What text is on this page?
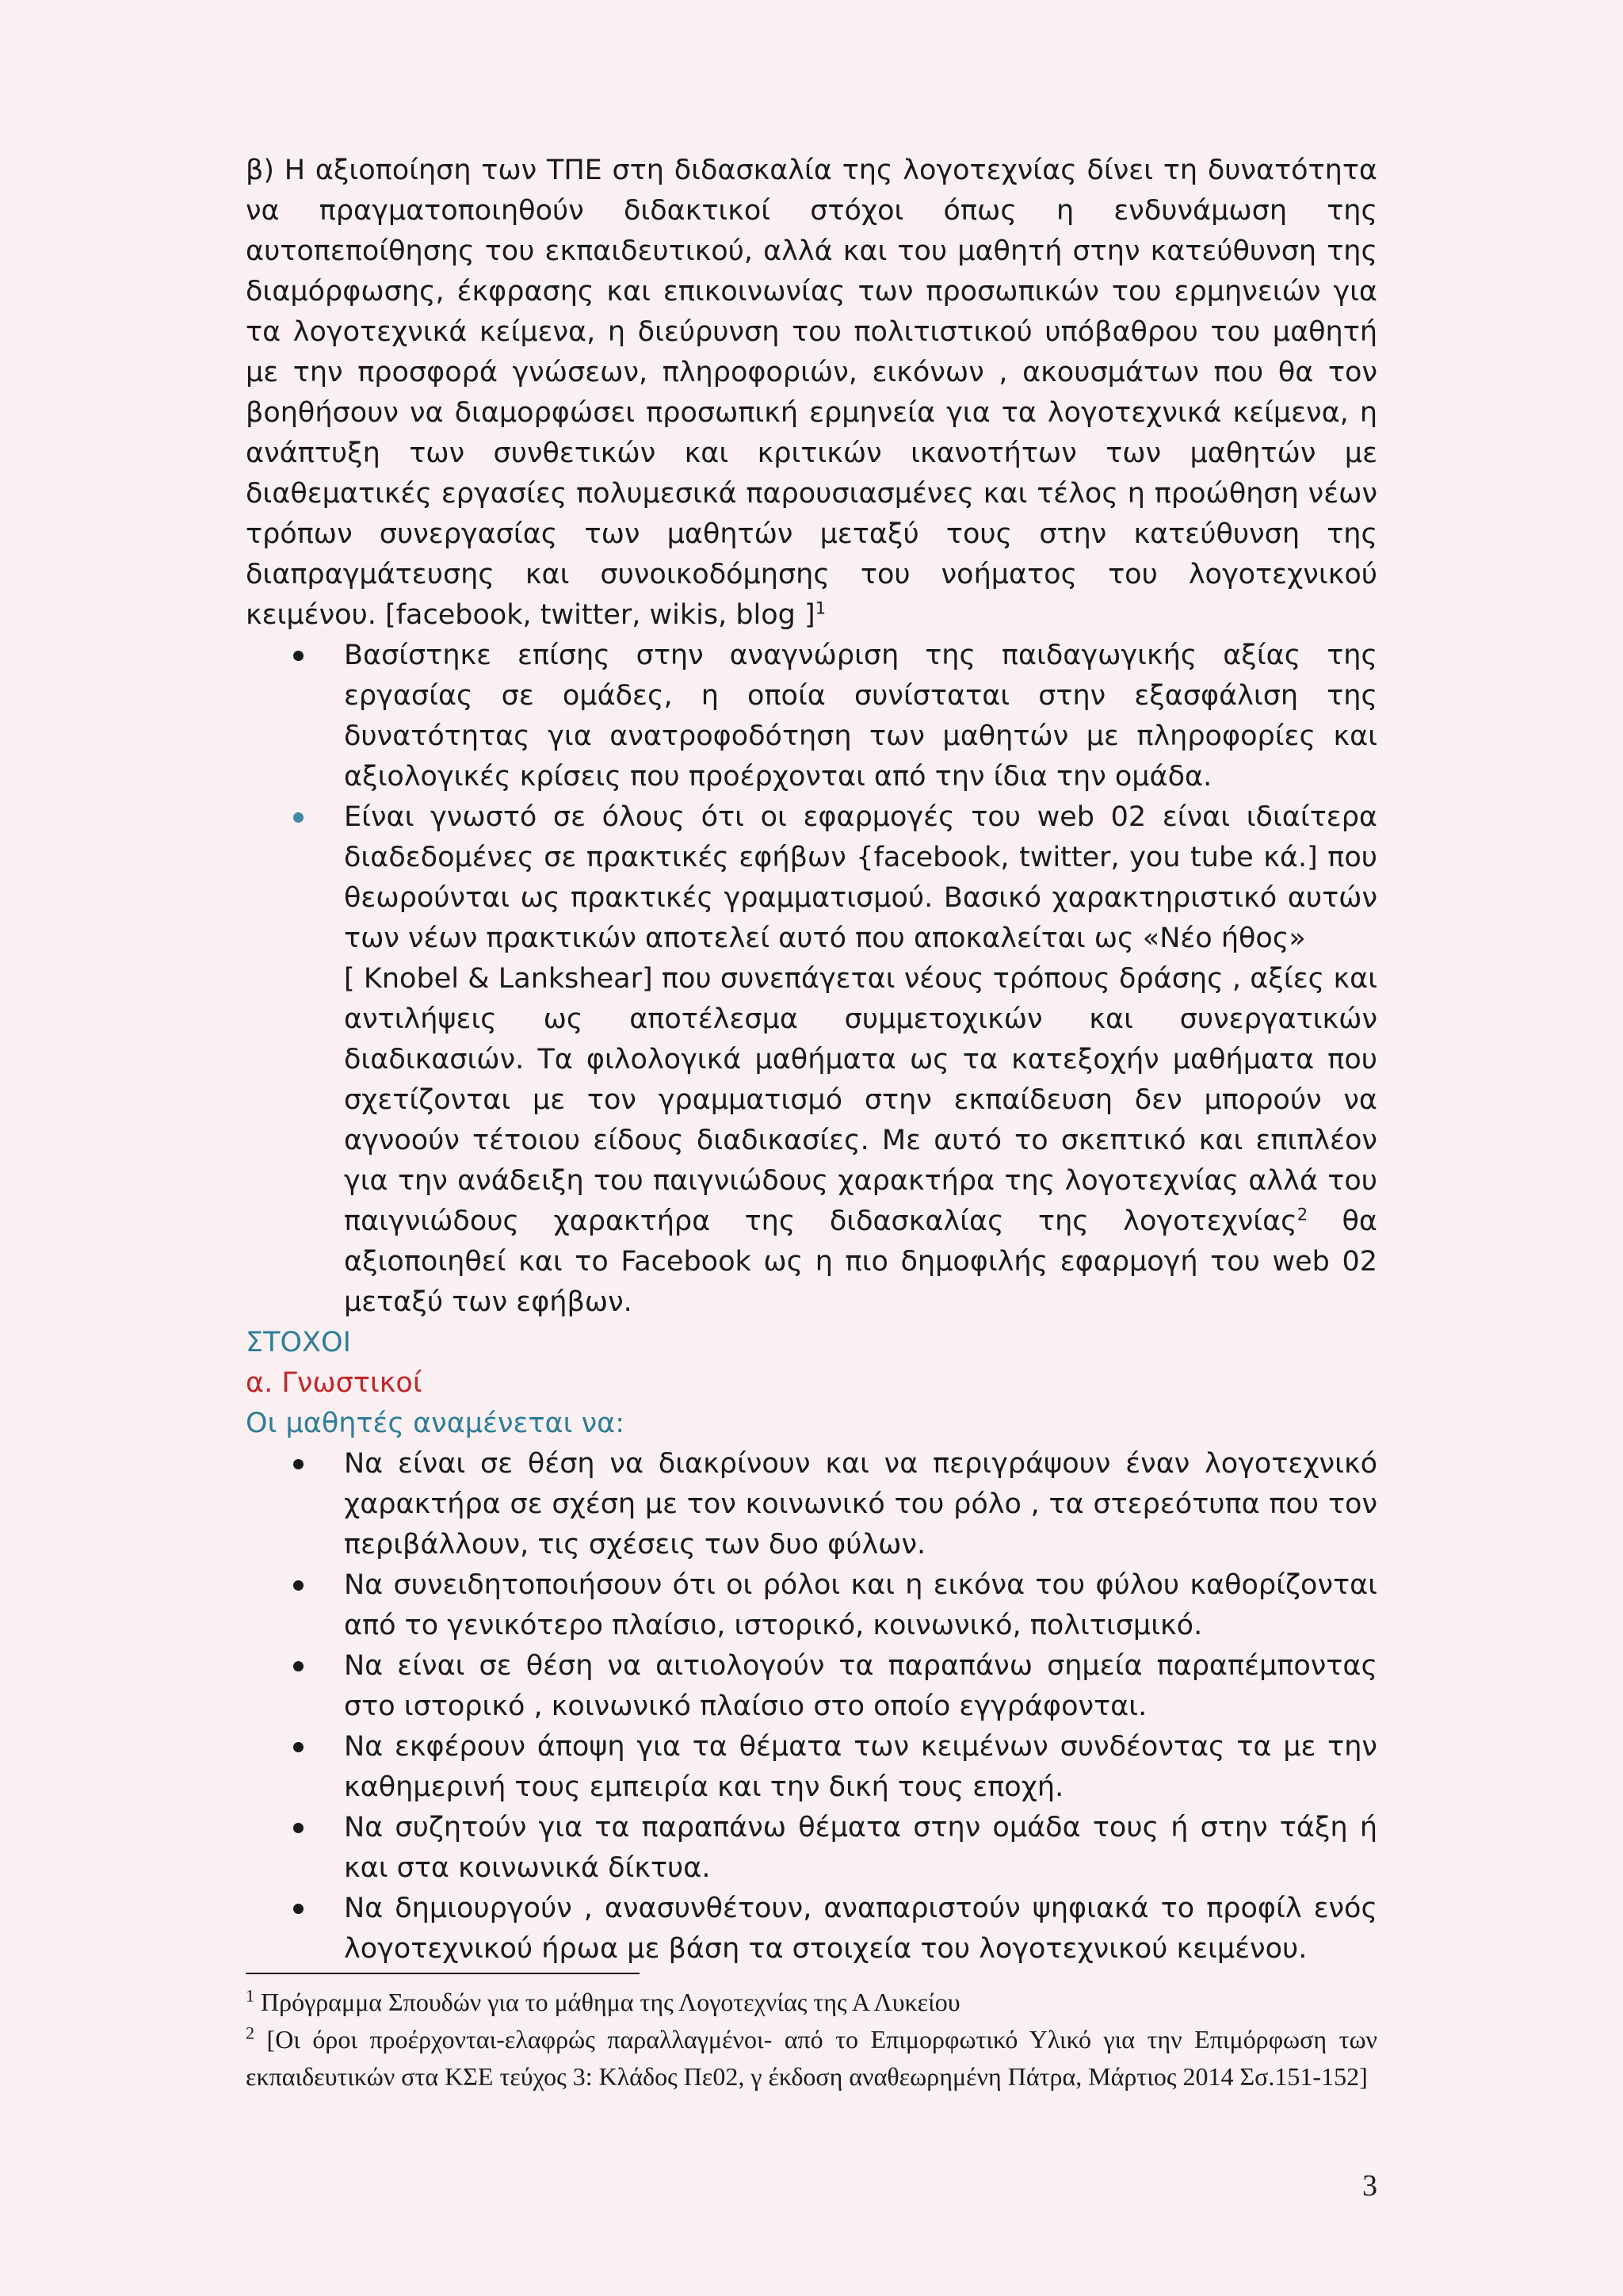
β) Η αξιοποίηση των ΤΠΕ στη διδασκαλία της λογοτεχνίας δίνει τη δυνατότητα να πραγματοποιηθούν διδακτικοί στόχοι όπως η ενδυνάμωση της αυτοπεποίθησης του εκπαιδευτικού, αλλά και του μαθητή στην κατεύθυνση της διαμόρφωσης, έκφρασης και επικοινωνίας των προσωπικών του ερμηνειών για τα λογοτεχνικά κείμενα, η διεύρυνση του πολιτιστικού υπόβαθρου του μαθητή με την προσφορά γνώσεων, πληροφοριών, εικόνων , ακουσμάτων που θα τον βοηθήσουν να διαμορφώσει προσωπική ερμηνεία για τα λογοτεχνικά κείμενα, η ανάπτυξη των συνθετικών και κριτικών ικανοτήτων των μαθητών με διαθεματικές εργασίες πολυμεσικά παρουσιασμένες και τέλος η προώθηση νέων τρόπων συνεργασίας των μαθητών μεταξύ τους στην κατεύθυνση της διαπραγμάτευσης και συνοικοδόμησης του νοήματος του λογοτεχνικού κειμένου. [facebook, twitter, wikis, blog ]$^1$

Βασίστηκε επίσης στην αναγνώριση της παιδαγωγικής αξίας της εργασίας σε ομάδες, η οποία συνίσταται στην εξασφάλιση της δυνατότητας για ανατροφοδότηση των μαθητών με πληροφορίες και αξιολογικές κρίσεις που προέρχονται από την ίδια την ομάδα.
Είναι γνωστό σε όλους ότι οι εφαρμογές του web 02 είναι ιδιαίτερα διαδεδομένες σε πρακτικές εφήβων {facebook, twitter, you tube κά.] που θεωρούνται ως πρακτικές γραμματισμού. Βασικό χαρακτηριστικό αυτών των νέων πρακτικών αποτελεί αυτό που αποκαλείται ως «Νέο ήθος»
[ Knobel & Lankshear] που συνεπάγεται νέους τρόπους δράσης , αξίες και αντιλήψεις ως αποτέλεσμα συμμετοχικών και συνεργατικών διαδικασιών. Τα φιλολογικά μαθήματα ως τα κατεξοχήν μαθήματα που σχετίζονται με τον γραμματισμό στην εκπαίδευση δεν μπορούν να αγνοούν τέτοιου είδους διαδικασίες. Με αυτό το σκεπτικό και επιπλέον για την ανάδειξη του παιγνιώδους χαρακτήρα της λογοτεχνίας αλλά του παιγνιώδους χαρακτήρα της διδασκαλίας της λογοτεχνίας$^2$ θα αξιοποιηθεί και το Facebook ως η πιο δημοφιλής εφαρμογή του web 02 μεταξύ των εφήβων.

ΣΤΟΧΟΙ

α. Γνωστικοί

Οι μαθητές αναμένεται να:

Να είναι σε θέση να διακρίνουν και να περιγράψουν έναν λογοτεχνικό χαρακτήρα σε σχέση με τον κοινωνικό του ρόλο , τα στερεότυπα που τον περιβάλλουν, τις σχέσεις των δυο φύλων.
Να συνειδητοποιήσουν ότι οι ρόλοι και η εικόνα του φύλου καθορίζονται από το γενικότερο πλαίσιο, ιστορικό, κοινωνικό, πολιτισμικό.
Να είναι σε θέση να αιτιολογούν τα παραπάνω σημεία παραπέμποντας στο ιστορικό , κοινωνικό πλαίσιο στο οποίο εγγράφονται.
Να εκφέρουν άποψη για τα θέματα των κειμένων συνδέοντας τα με την καθημερινή τους εμπειρία και την δική τους εποχή.
Να συζητούν για τα παραπάνω θέματα στην ομάδα τους ή στην τάξη ή και στα κοινωνικά δίκτυα.
Να δημιουργούν , ανασυνθέτουν, αναπαριστούν ψηφιακά το προφίλ ενός λογοτεχνικού ήρωα με βάση τα στοιχεία του λογοτεχνικού κειμένου.

$^1$ Πρόγραμμα Σπουδών για το μάθημα της Λογοτεχνίας της Α Λυκείου

$^2$ [Οι όροι προέρχονται-ελαφρώς παραλλαγμένοι- από το Επιμορφωτικό Υλικό για την Επιμόρφωση των εκπαιδευτικών στα ΚΣΕ τεύχος 3: Κλάδος Πε02, γ έκδοση αναθεωρημένη Πάτρα, Μάρτιος 2014 Σσ.151-152]

3
